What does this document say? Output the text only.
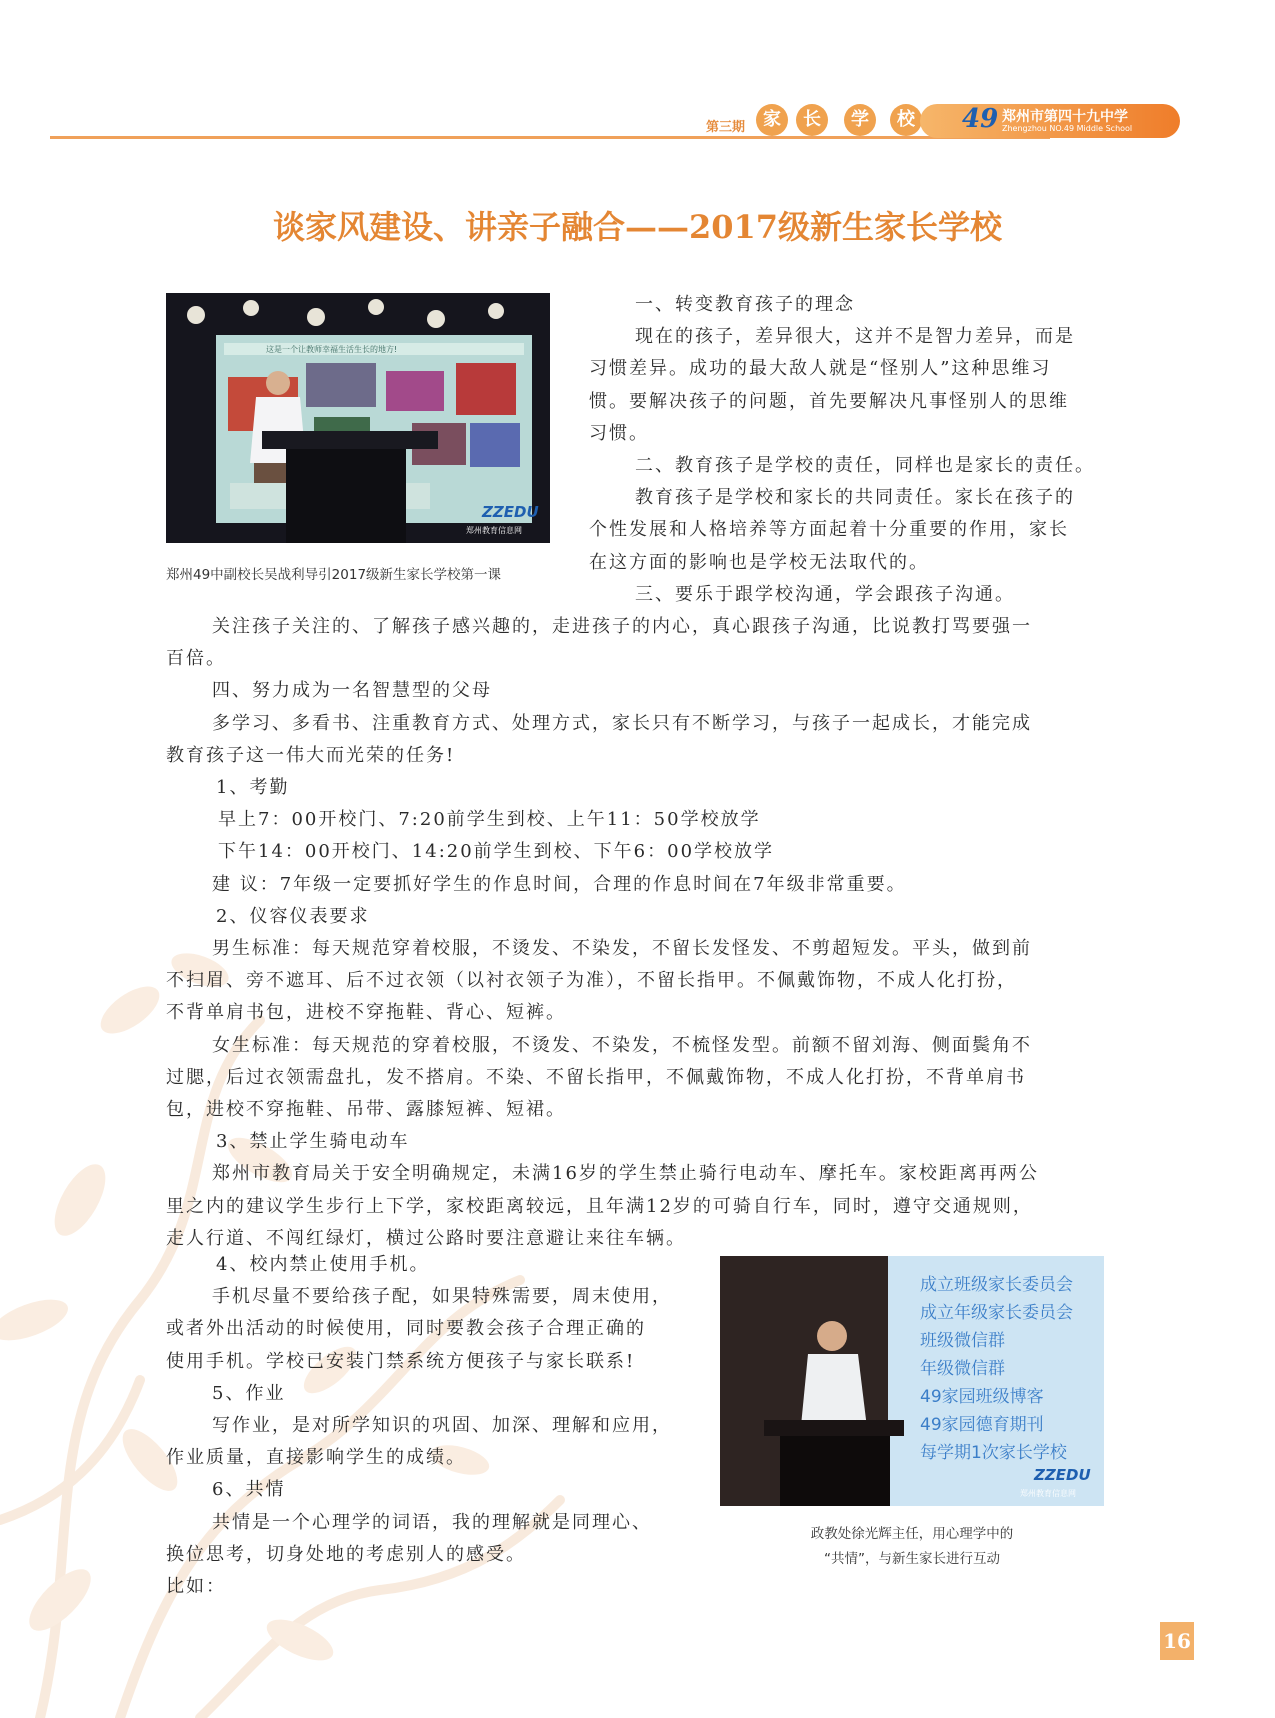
第三期 家	长	学	校 49 郑州市第四十九中学
Zhengzhou NO.49 Middle School
谈家风建设、讲亲子融合——2017级新生家长学校
ZZEDU
郑州教育信息网
这是一个让教师幸福生活生长的地方!
郑州49中副校长吴战利导引2017级新生家长学校第一课
成立班级家长委员会
成立年级家长委员会
班级微信群
年级微信群
49家园班级博客
49家园德育期刊
每学期1次家长学校
ZZEDU
郑州教育信息网
政教处徐光辉主任，用心理学中的
“共情”，与新生家长进行互动
一、转变教育孩子的理念
现在的孩子，差异很大，这并不是智力差异，而是
习惯差异。成功的最大敌人就是“怪别人”这种思维习
惯。要解决孩子的问题，首先要解决凡事怪别人的思维
习惯。
二、教育孩子是学校的责任，同样也是家长的责任。
教育孩子是学校和家长的共同责任。家长在孩子的
个性发展和人格培养等方面起着十分重要的作用，家长
在这方面的影响也是学校无法取代的。
三、要乐于跟学校沟通，学会跟孩子沟通。
关注孩子关注的、了解孩子感兴趣的，走进孩子的内心，真心跟孩子沟通，比说教打骂要强一
百倍。
四、努力成为一名智慧型的父母
多学习、多看书、注重教育方式、处理方式，家长只有不断学习，与孩子一起成长，才能完成
教育孩子这一伟大而光荣的任务!
1、考勤
早上7：00开校门、7:20前学生到校、上午11：50学校放学
下午14：00开校门、14:20前学生到校、下午6：00学校放学
建 议：7年级一定要抓好学生的作息时间，合理的作息时间在7年级非常重要。
2、仪容仪表要求
男生标准：每天规范穿着校服，不烫发、不染发，不留长发怪发、不剪超短发。平头，做到前
不扫眉、旁不遮耳、后不过衣领（以衬衣领子为准），不留长指甲。不佩戴饰物，不成人化打扮，
不背单肩书包，进校不穿拖鞋、背心、短裤。
女生标准：每天规范的穿着校服，不烫发、不染发，不梳怪发型。前额不留刘海、侧面鬓角不
过腮，后过衣领需盘扎，发不搭肩。不染、不留长指甲，不佩戴饰物，不成人化打扮，不背单肩书
包，进校不穿拖鞋、吊带、露膝短裤、短裙。
3、禁止学生骑电动车
郑州市教育局关于安全明确规定，未满16岁的学生禁止骑行电动车、摩托车。家校距离再两公
里之内的建议学生步行上下学，家校距离较远，且年满12岁的可骑自行车，同时，遵守交通规则，
走人行道、不闯红绿灯，横过公路时要注意避让来往车辆。
4、校内禁止使用手机。
手机尽量不要给孩子配，如果特殊需要，周末使用，
或者外出活动的时候使用，同时要教会孩子合理正确的
使用手机。学校已安装门禁系统方便孩子与家长联系!
5、作业
写作业，是对所学知识的巩固、加深、理解和应用，
作业质量，直接影响学生的成绩。
6、共情
共情是一个心理学的词语，我的理解就是同理心、
换位思考，切身处地的考虑别人的感受。
比如：
16
